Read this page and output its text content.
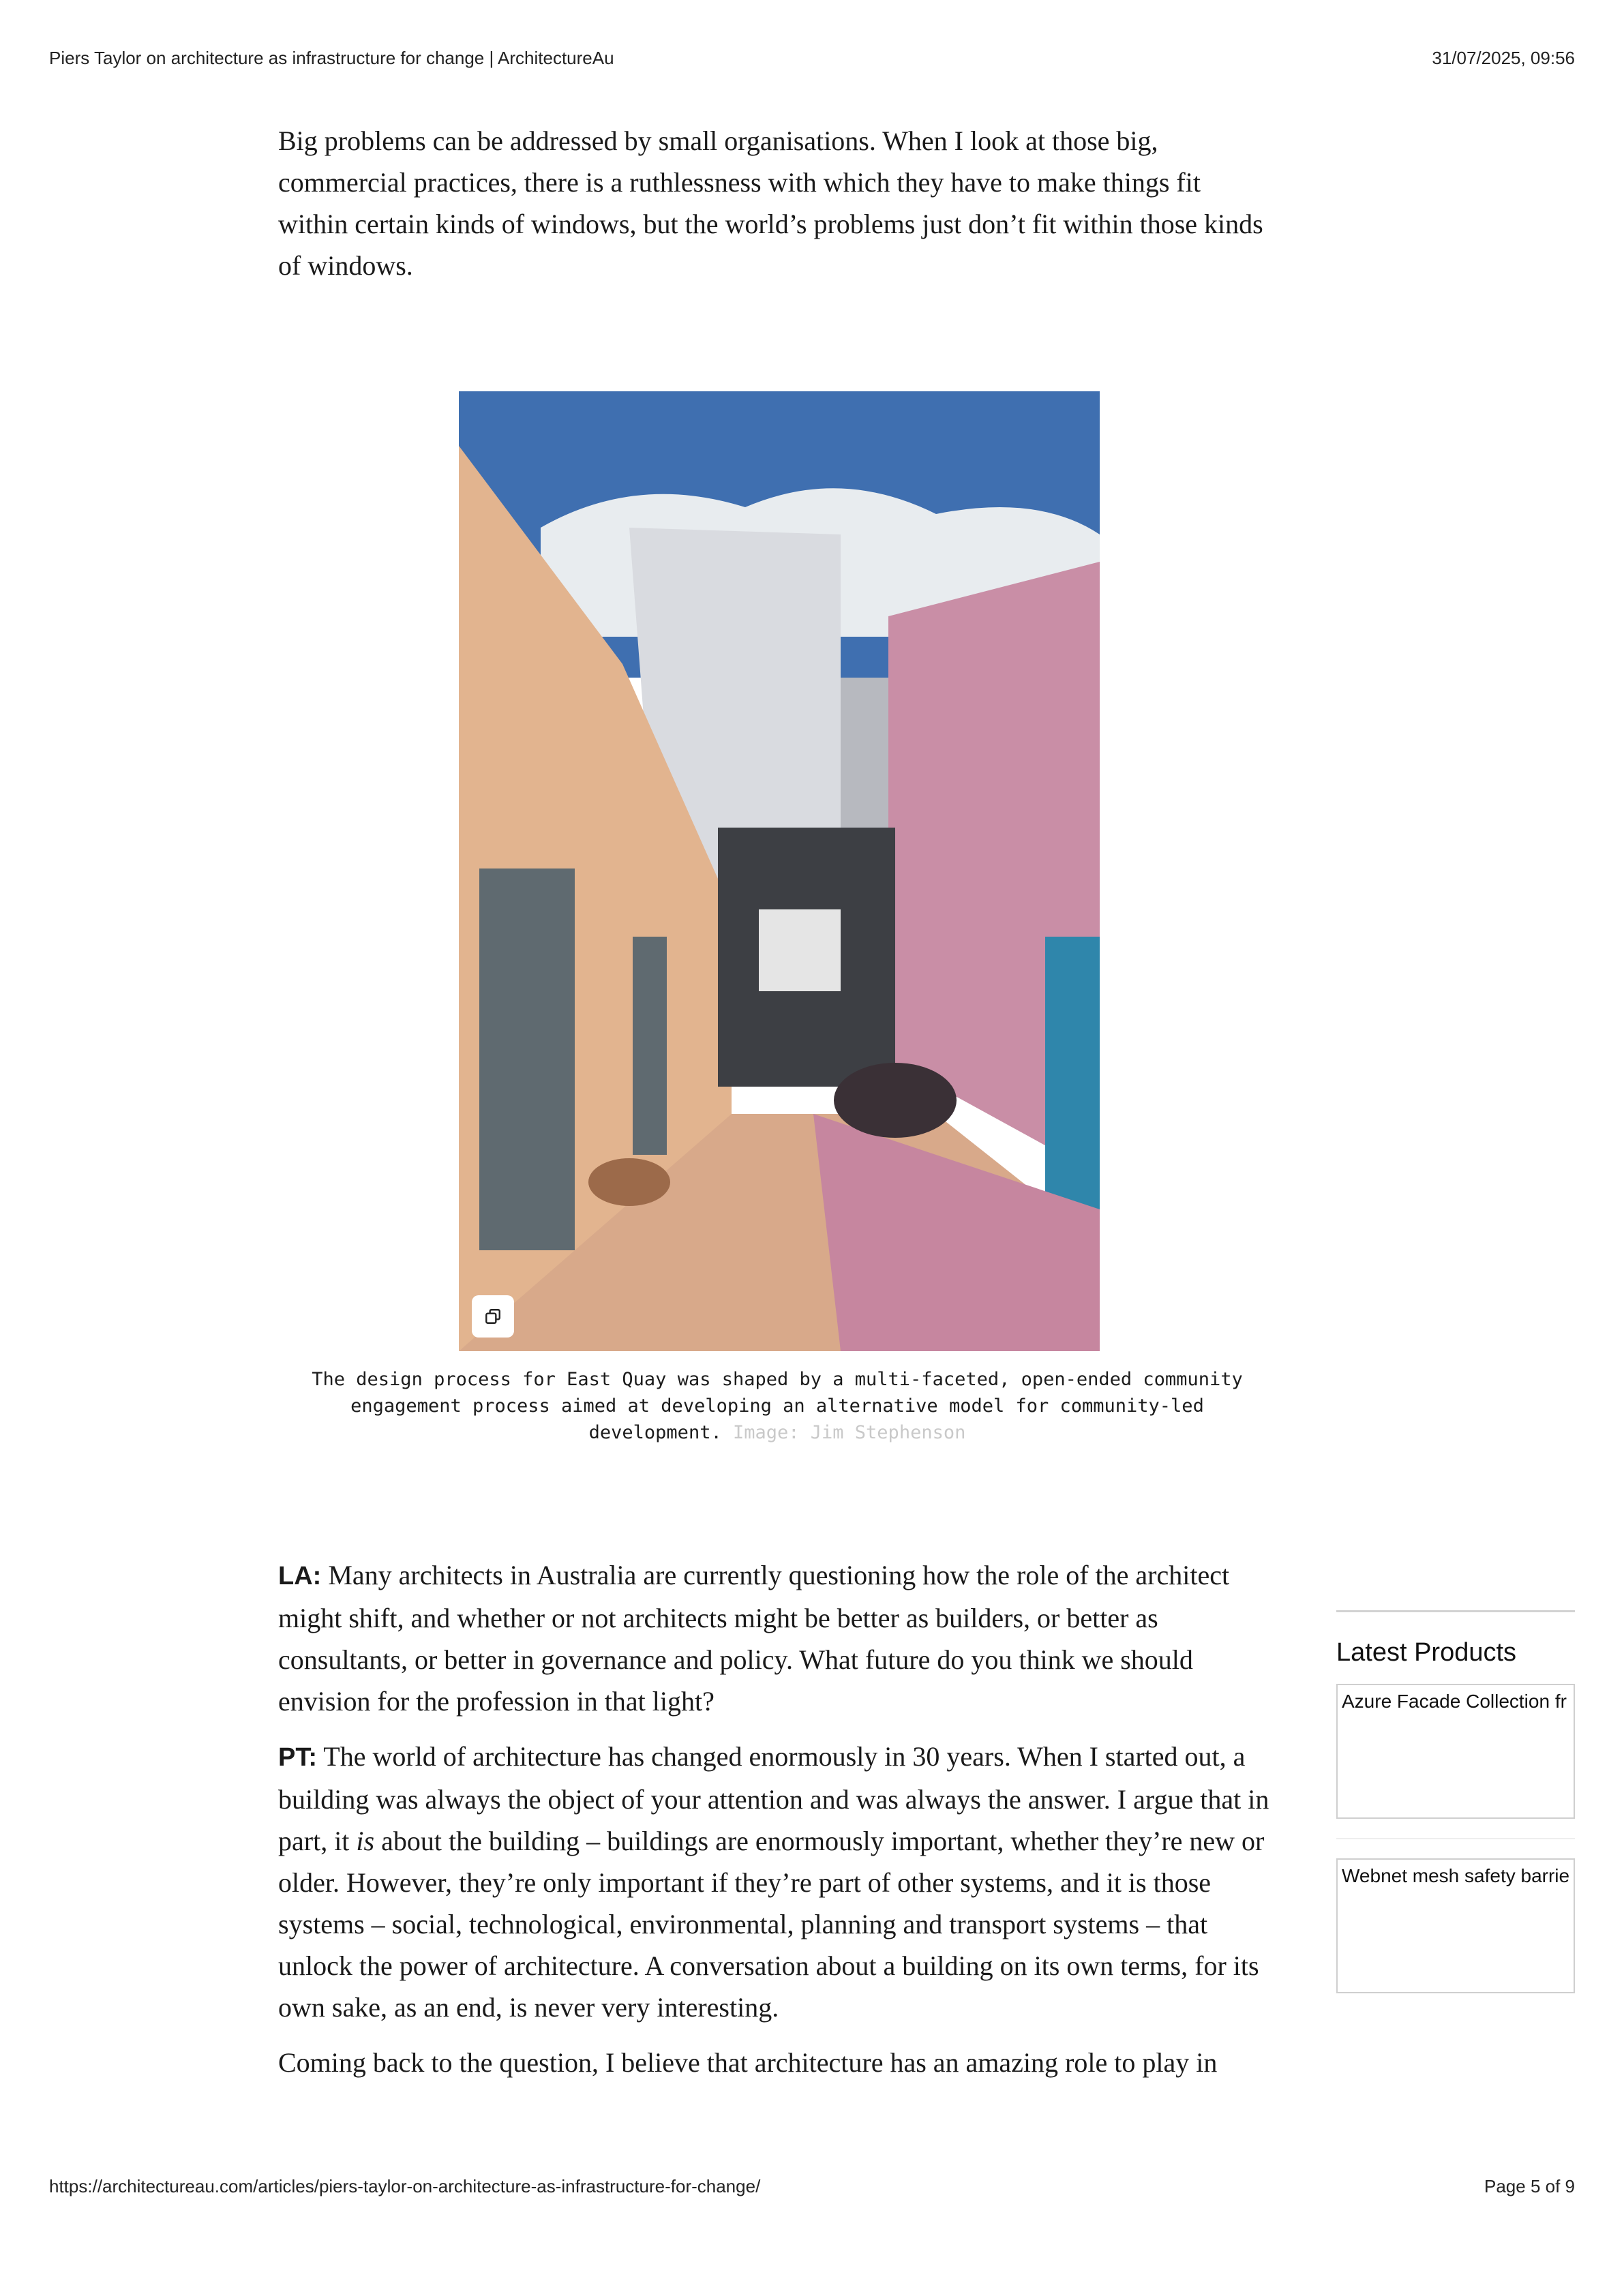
Piers Taylor on architecture as infrastructure for change | ArchitectureAu	31/07/2025, 09:56

Big problems can be addressed by small organisations. When I look at those big, commercial practices, there is a ruthlessness with which they have to make things fit within certain kinds of windows, but the world’s problems just don’t fit within those kinds of windows.

The design process for East Quay was shaped by a multi-faceted, open-ended community engagement process aimed at developing an alternative model for community-led development. Image: Jim Stephenson

LA: Many architects in Australia are currently questioning how the role of the architect might shift, and whether or not architects might be better as builders, or better as consultants, or better in governance and policy. What future do you think we should envision for the profession in that light?

PT: The world of architecture has changed enormously in 30 years. When I started out, a building was always the object of your attention and was always the answer. I argue that in part, it is about the building – buildings are enormously important, whether they’re new or older. However, they’re only important if they’re part of other systems, and it is those systems – social, technological, environmental, planning and transport systems – that unlock the power of architecture. A conversation about a building on its own terms, for its own sake, as an end, is never very interesting.

Coming back to the question, I believe that architecture has an amazing role to play in

Latest Products
Azure Facade Collection fr
Webnet mesh safety barrie
https://architectureau.com/articles/piers-taylor-on-architecture-as-infrastructure-for-change/	Page 5 of 9
